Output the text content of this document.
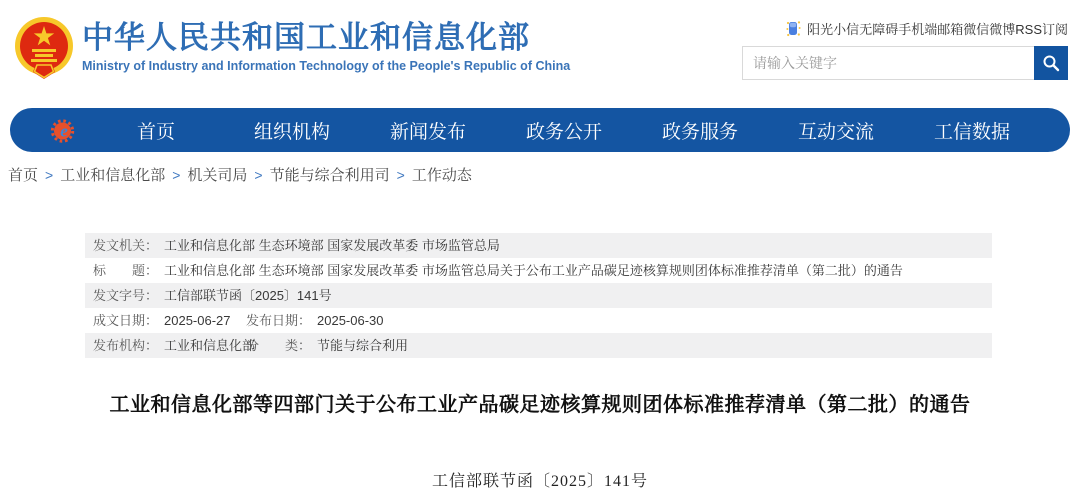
中华人民共和国工业和信息化部
Ministry of Industry and Information Technology of the People's Republic of China
阳光小信无障碍手机端邮箱微信微博RSS订阅
请输入关键字
e	首页	组织机构	新闻发布	政务公开	政务服务	互动交流	工信数据
首页 > 工业和信息化部 > 机关司局 > 节能与综合利用司 > 工作动态
发文机关： 工业和信息化部 生态环境部 国家发展改革委 市场监管总局
标　　题： 工业和信息化部 生态环境部 国家发展改革委 市场监管总局关于公布工业产品碳足迹核算规则团体标准推荐清单（第二批）的通告
发文字号： 工信部联节函〔2025〕141号
成文日期： 2025-06-27 发布日期： 2025-06-30
发布机构： 工业和信息化部分　　类： 节能与综合利用
工业和信息化部等四部门关于公布工业产品碳足迹核算规则团体标准推荐清单（第二批）的通告
工信部联节函〔2025〕141号
